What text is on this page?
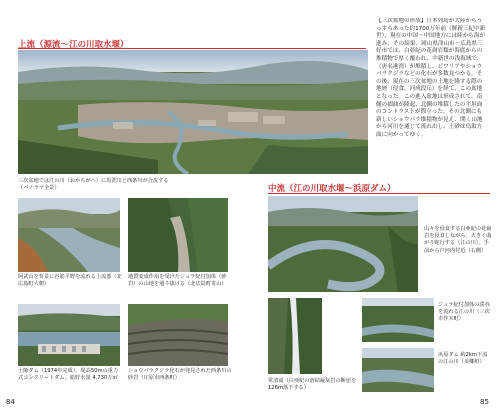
上流（源流〜江の川取水堰）
【三次盆地の形成】日本列島が大陸からうっすらあった約1700万年前（鮮新三紀中新世）、現在の中国〜中国地方には陸から海が進み、その結果、岡山県津山市〜広島県三好市では、白亜紀の花崗岩類が海底からの堆積物で厚く覆われ、中新世の浅海域で、（唐名港湾）が堆積し、ビワリアやショウバラクジラなどの化石が多数見つかる。その後、現在の三次盆地の土地を隆する際の地層（侵食、河成段丘）を経て、この盆地となった。この進入盆地は形成されて、南側の褶曲が隆起、北側の堆積したの平坦面のコントラストが際立った。その北側にも新しいショウバラ堆積物が見え、開く山地から河川を通じて流れ出し、土砂は鳥取方面に向かってゆく。
三次盆地では江の川（おかちがへ）に馬洗川と西条川が合流する（パノラマ全景）
阿武山を背景に谷筋平野を流れる上流部（北広島町大朝）
地質変成作用を受けたジュラ紀付加体（砂岩）の山地を通り抜ける（北広島町寄山）
土師ダム（1974年完成）。堤高50mの重力式コンクリートダム。総貯水量 4,730万㎥
ショウバラクジラ化石が発見された西条川の砂岩（庄原市西条町）
84
中流（江の川取水堰〜浜原ダム）
山々を侵食する白亜紀の花崗岩を侵食しながら、大きく曲がり蛇行する（江の川）。手前から戸河内付近（右側）
ジュラ紀付加体の渓谷を流れる江の川（三次市作木町）
浜原ダム 約2km下流の江の川（美郷町）
常清滝（白亜紀の溶結凝灰岩の断崖を126m落下する）
85
